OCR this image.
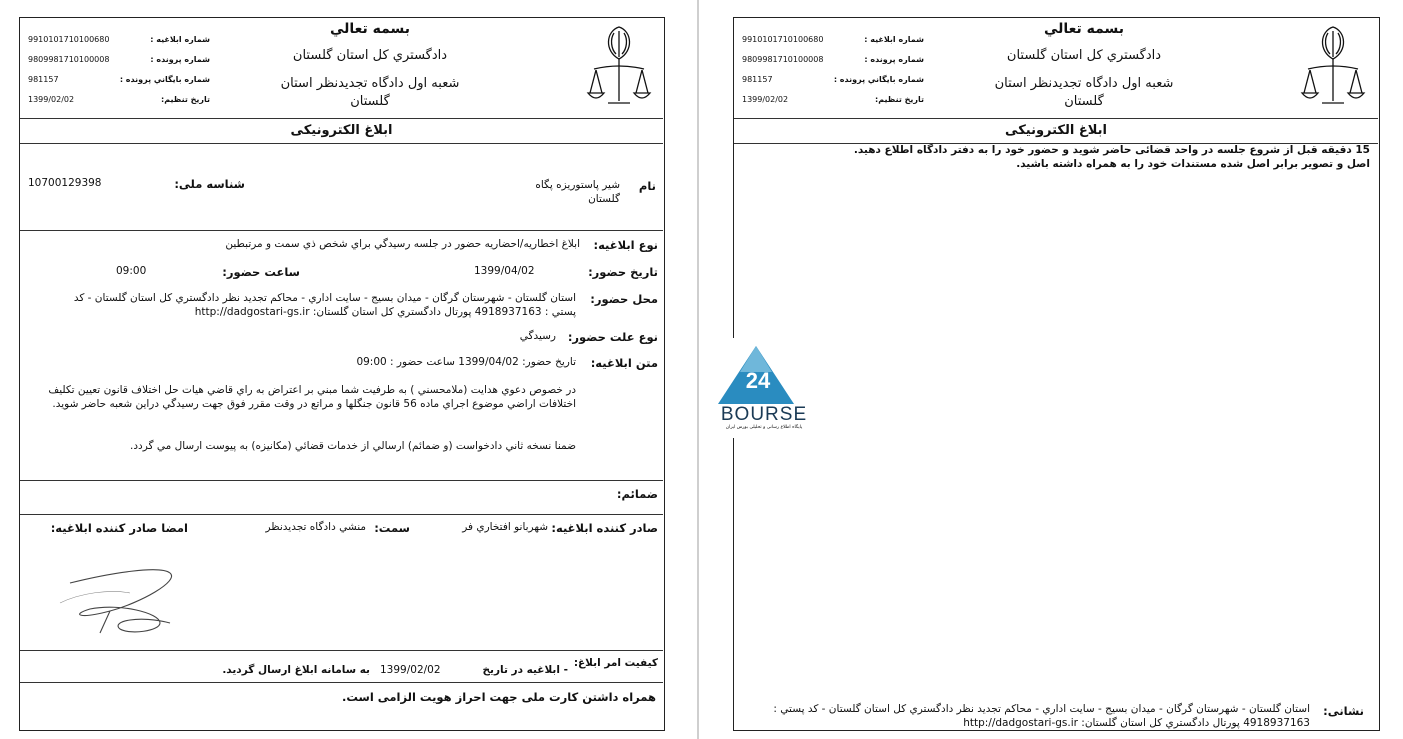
9910101710100680
9809981710100008
981157
1399/02/02
شماره ابلاغيه :
شماره پرونده :
شماره بايگاني پرونده :
تاريخ تنظيم:
بسمه تعالي
دادگستري كل استان گلستان
شعبه اول دادگاه تجديدنظر استان گلستان
ابلاغ الكترونيكی
نام
شير پاستوريزه پگاه گلستان
شناسه ملی:
10700129398
نوع ابلاغيه:
ابلاغ اخطاريه/احضاريه حضور در جلسه رسيدگي براي شخص ذي سمت و مرتبطين
تاريخ حضور:
1399/04/02
ساعت حضور:
09:00
محل حضور:
استان گلستان - شهرستان گرگان - ميدان بسيج - سايت اداري - محاكم تجديد نظر دادگستري كل استان گلستان - كد پستي : 4918937163 پورتال دادگستري كل استان گلستان: http://dadgostari-gs.ir
نوع علت حضور:
رسيدگي
متن ابلاغيه:
تاريخ حضور: 1399/04/02 ساعت حضور : 09:00
در خصوص دعوي هدايت (ملامحسني ) به طرفيت شما مبني بر اعتراض به راي قاضي هيات حل اختلاف قانون تعيين تكليف اختلافات اراضي موضوع اجراي ماده 56 قانون جنگلها و مراتع در وقت مقرر فوق جهت رسيدگي دراين شعبه حاضر شويد.
ضمنا نسخه ثاني دادخواست (و ضمائم) ارسالي از خدمات قضائي (مكانيزه) به پيوست ارسال مي گردد.
ضمائم:
صادر كننده ابلاغيه:
شهربانو افتخاري فر
سمت:
منشي دادگاه تجديدنظر
امضا صادر كننده ابلاغيه:
كيفيت امر ابلاغ:
- ابلاغيه در تاريخ
1399/02/02
به سامانه ابلاغ ارسال گرديد.
همراه داشتن كارت ملی جهت احراز هويت الزامی است.
9910101710100680
9809981710100008
981157
1399/02/02
شماره ابلاغيه :
شماره پرونده :
شماره بايگاني پرونده :
تاريخ تنظيم:
بسمه تعالي
دادگستري كل استان گلستان
شعبه اول دادگاه تجديدنظر استان گلستان
ابلاغ الكترونيكی
15 دقيقه قبل از شروع جلسه در واحد قضائی حاضر شويد و حضور خود را به دفتر دادگاه اطلاع دهيد.
اصل و تصوير برابر اصل شده مستندات خود را به همراه داشته باشيد.
نشانی:
استان گلستان - شهرستان گرگان - ميدان بسيج - سايت اداري - محاكم تجديد نظر دادگستري كل استان گلستان - كد پستي : 4918937163 پورتال دادگستري كل استان گلستان: http://dadgostari-gs.ir
24
BOURSE
پایگاه اطلاع رسانی و تحلیلی بورس ایران
